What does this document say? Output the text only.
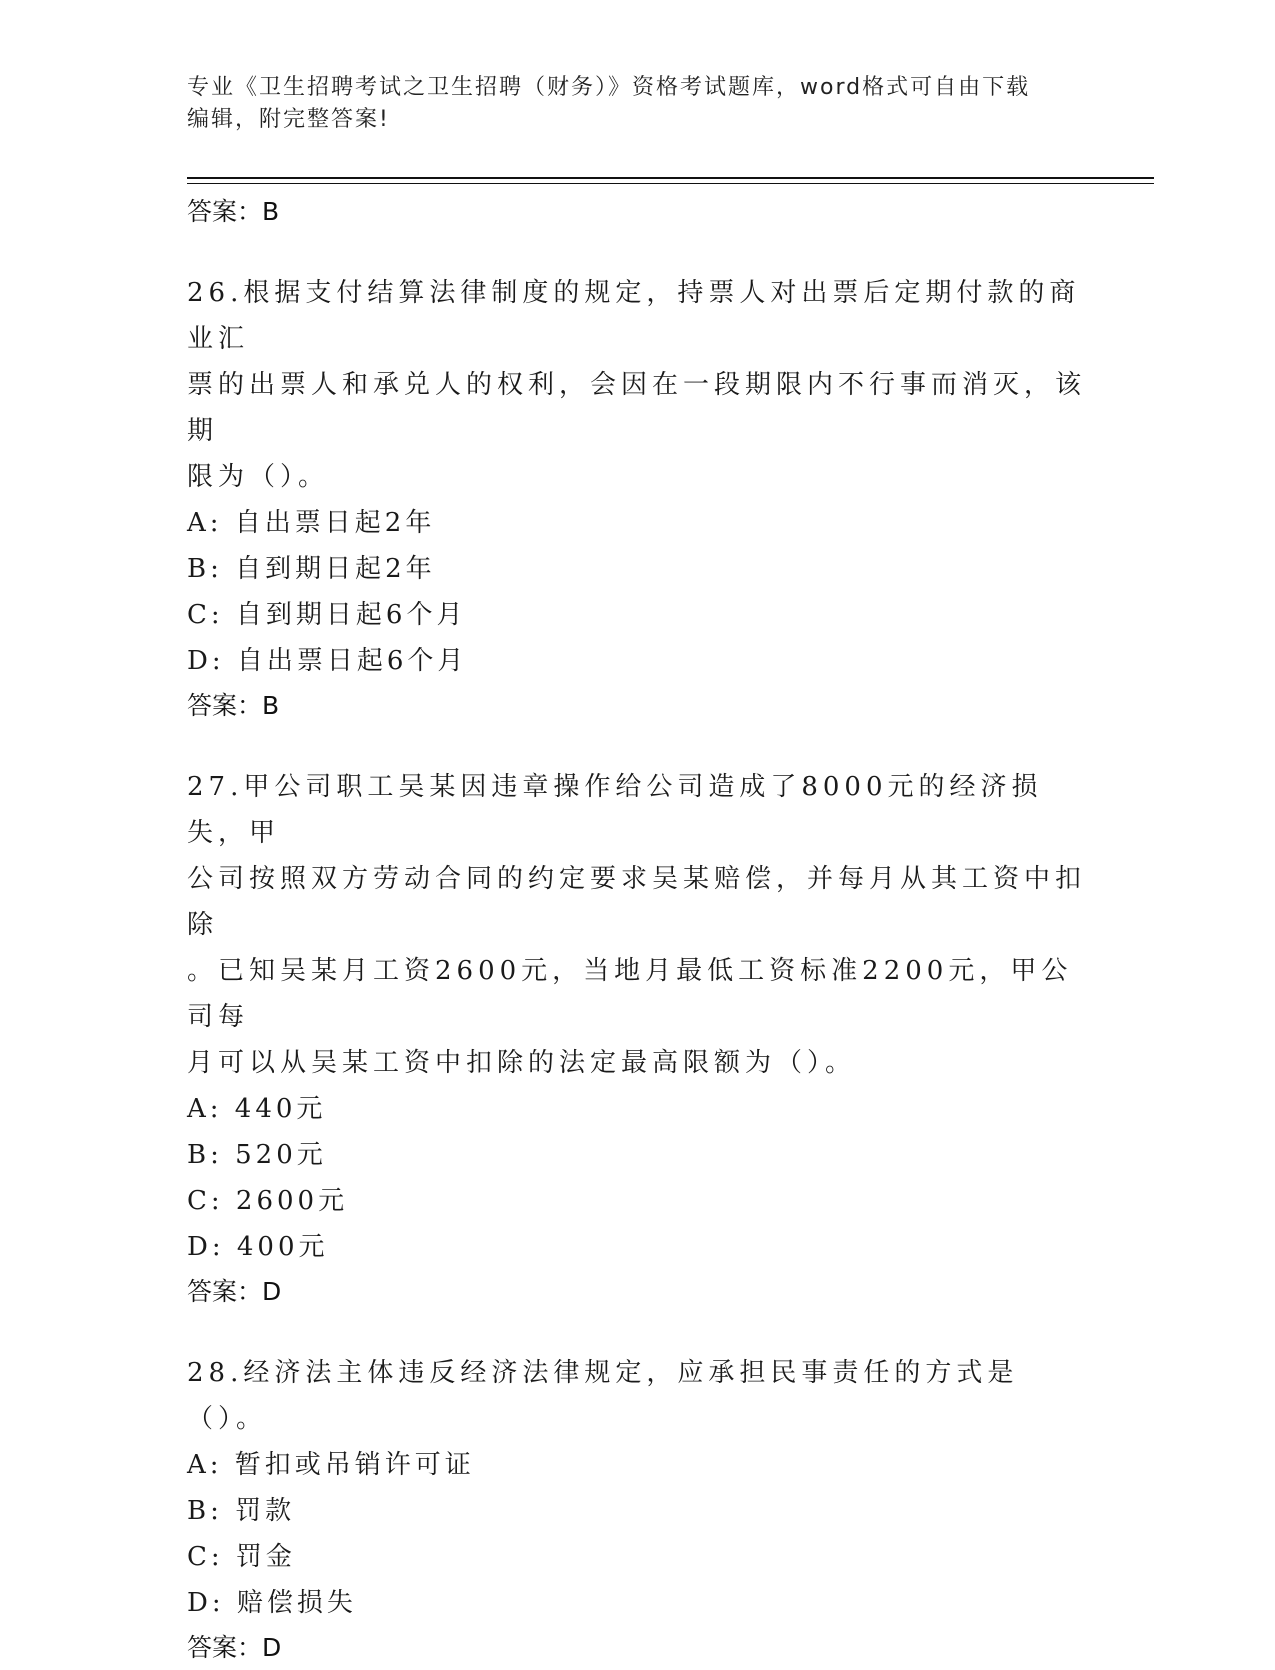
专业《卫生招聘考试之卫生招聘（财务）》资格考试题库，word格式可自由下载
编辑，附完整答案!
答案：B
26.根据支付结算法律制度的规定，持票人对出票后定期付款的商业汇
票的出票人和承兑人的权利，会因在一段期限内不行事而消灭，该期
限为（）。
A: 自出票日起2年
B: 自到期日起2年
C: 自到期日起6个月
D: 自出票日起6个月
答案：B
27.甲公司职工吴某因违章操作给公司造成了8000元的经济损失，甲
公司按照双方劳动合同的约定要求吴某赔偿，并每月从其工资中扣除
。已知吴某月工资2600元，当地月最低工资标准2200元，甲公司每
月可以从吴某工资中扣除的法定最高限额为（）。
A: 440元
B: 520元
C: 2600元
D: 400元
答案：D
28.经济法主体违反经济法律规定，应承担民事责任的方式是（）。
A: 暂扣或吊销许可证
B: 罚款
C: 罚金
D: 赔偿损失
答案：D
